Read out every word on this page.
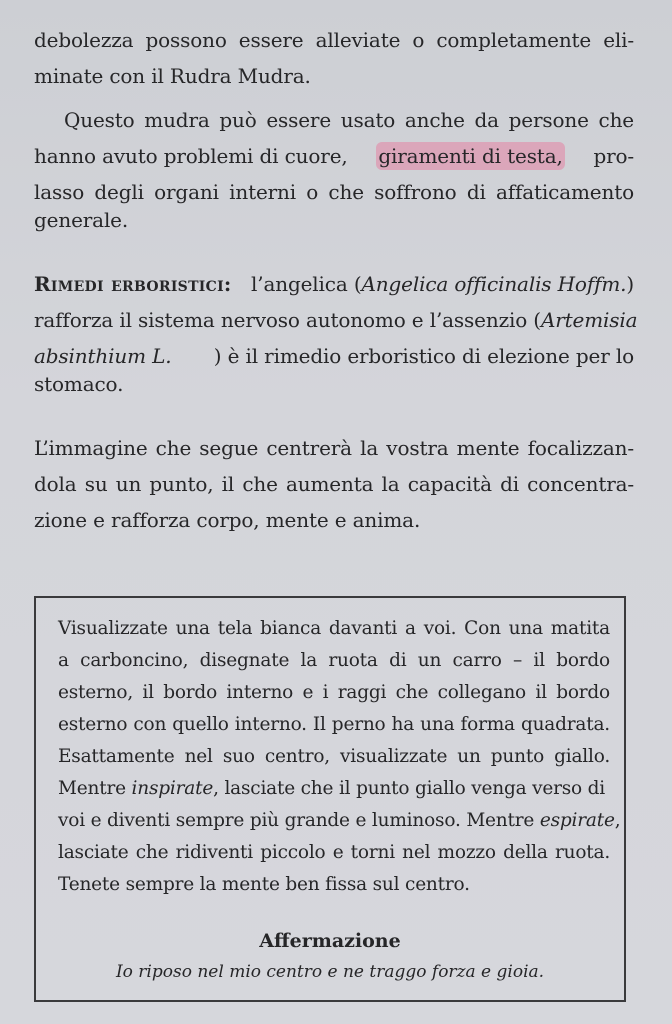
debolezza possono essere alleviate o completamente eli-
minate con il Rudra Mudra.
Questo mudra può essere usato anche da persone che
hanno avuto problemi di cuore, giramenti di testa, pro-
lasso degli organi interni o che soffrono di affaticamento
generale.
Rimedi erboristici: l’angelica (Angelica officinalis Hoffm.)
rafforza il sistema nervoso autonomo e l’assenzio ( Artemisia
absinthium L. ) è il rimedio erboristico di elezione per lo
stomaco.
L’immagine che segue centrerà la vostra mente focalizzan-
dola su un punto, il che aumenta la capacità di concentra-
zione e rafforza corpo, mente e anima.
Visualizzate una tela bianca davanti a voi. Con una matita
a carboncino, disegnate la ruota di un carro – il bordo
esterno, il bordo interno e i raggi che collegano il bordo
esterno con quello interno. Il perno ha una forma quadrata.
Esattamente nel suo centro, visualizzate un punto giallo.
Mentre inspirate, lasciate che il punto giallo venga verso di
voi e diventi sempre più grande e luminoso. Mentre espirate,
lasciate che ridiventi piccolo e torni nel mozzo della ruota.
Tenete sempre la mente ben fissa sul centro.
Affermazione
Io riposo nel mio centro e ne traggo forza e gioia.
